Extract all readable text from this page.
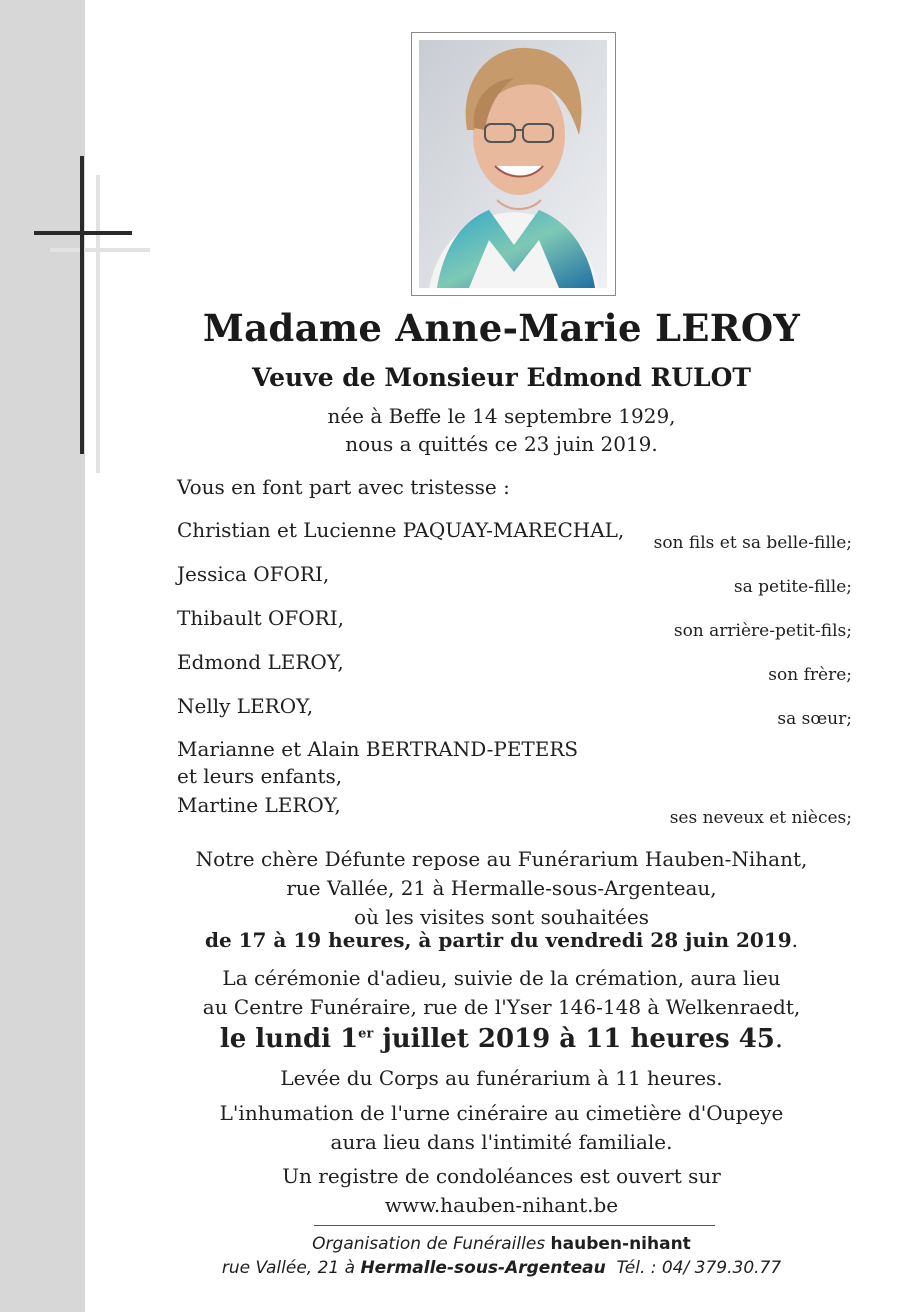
Madame Anne-Marie LEROY
Veuve de Monsieur Edmond RULOT
née à Beffe le 14 septembre 1929,
nous a quittés ce 23 juin 2019.
Vous en font part avec tristesse :
Christian et Lucienne PAQUAY-MARECHAL,
son fils et sa belle-fille;
Jessica OFORI,
sa petite-fille;
Thibault OFORI,
son arrière-petit-fils;
Edmond LEROY,
son frère;
Nelly LEROY,
sa sœur;
Marianne et Alain BERTRAND-PETERS
et leurs enfants,
Martine LEROY,
ses neveux et nièces;
Notre chère Défunte repose au Funérarium Hauben-Nihant,
rue Vallée, 21 à Hermalle-sous-Argenteau,
où les visites sont souhaitées
de 17 à 19 heures, à partir du vendredi 28 juin 2019.
La cérémonie d'adieu, suivie de la crémation, aura lieu
au Centre Funéraire, rue de l'Yser 146-148 à Welkenraedt,
le lundi 1er juillet 2019 à 11 heures 45.
Levée du Corps au funérarium à 11 heures.
L'inhumation de l'urne cinéraire au cimetière d'Oupeye
aura lieu dans l'intimité familiale.
Un registre de condoléances est ouvert sur
www.hauben-nihant.be
Organisation de Funérailles hauben-nihant
rue Vallée, 21 à Hermalle-sous-Argenteau  Tél. : 04/ 379.30.77
